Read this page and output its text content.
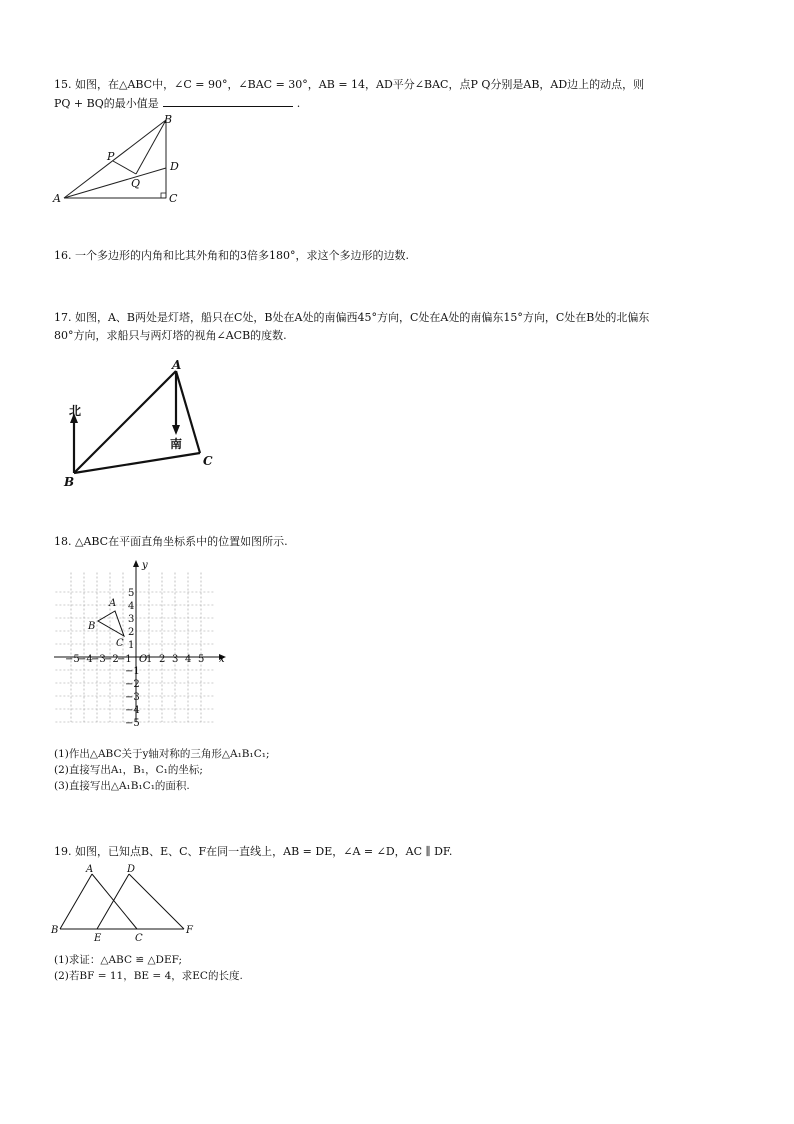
15. 如图，在△ABC中，∠C = 90°，∠BAC = 30°，AB = 14，AD平分∠BAC，点P Q分别是AB，AD边上的动点，则
PQ + BQ的最小值是	.
A
B
C
D
P
Q
16. 一个多边形的内角和比其外角和的3倍多180°，求这个多边形的边数.
17. 如图，A、B两处是灯塔，船只在C处，B处在A处的南偏西45°方向，C处在A处的南偏东15°方向，C处在B处的北偏东
80°方向，求船只与两灯塔的视角∠ACB的度数.
A
B
C
北
南
18. △ABC在平面直角坐标系中的位置如图所示.
x
y
O
−5
−4
−3
−2
−1 1 2 3 4 5
5
4
3
2
1
−1
−2
−3
−4
−5
A
B
C
(1)作出△ABC关于y轴对称的三角形△A₁B₁C₁;
(2)直接写出A₁，B₁，C₁的坐标;
(3)直接写出△A₁B₁C₁的面积.
19. 如图，已知点B、E、C、F在同一直线上，AB = DE，∠A = ∠D，AC ∥ DF.
A	D
B
E	C
F
(1)求证：△ABC ≌ △DEF;
(2)若BF = 11，BE = 4，求EC的长度.
